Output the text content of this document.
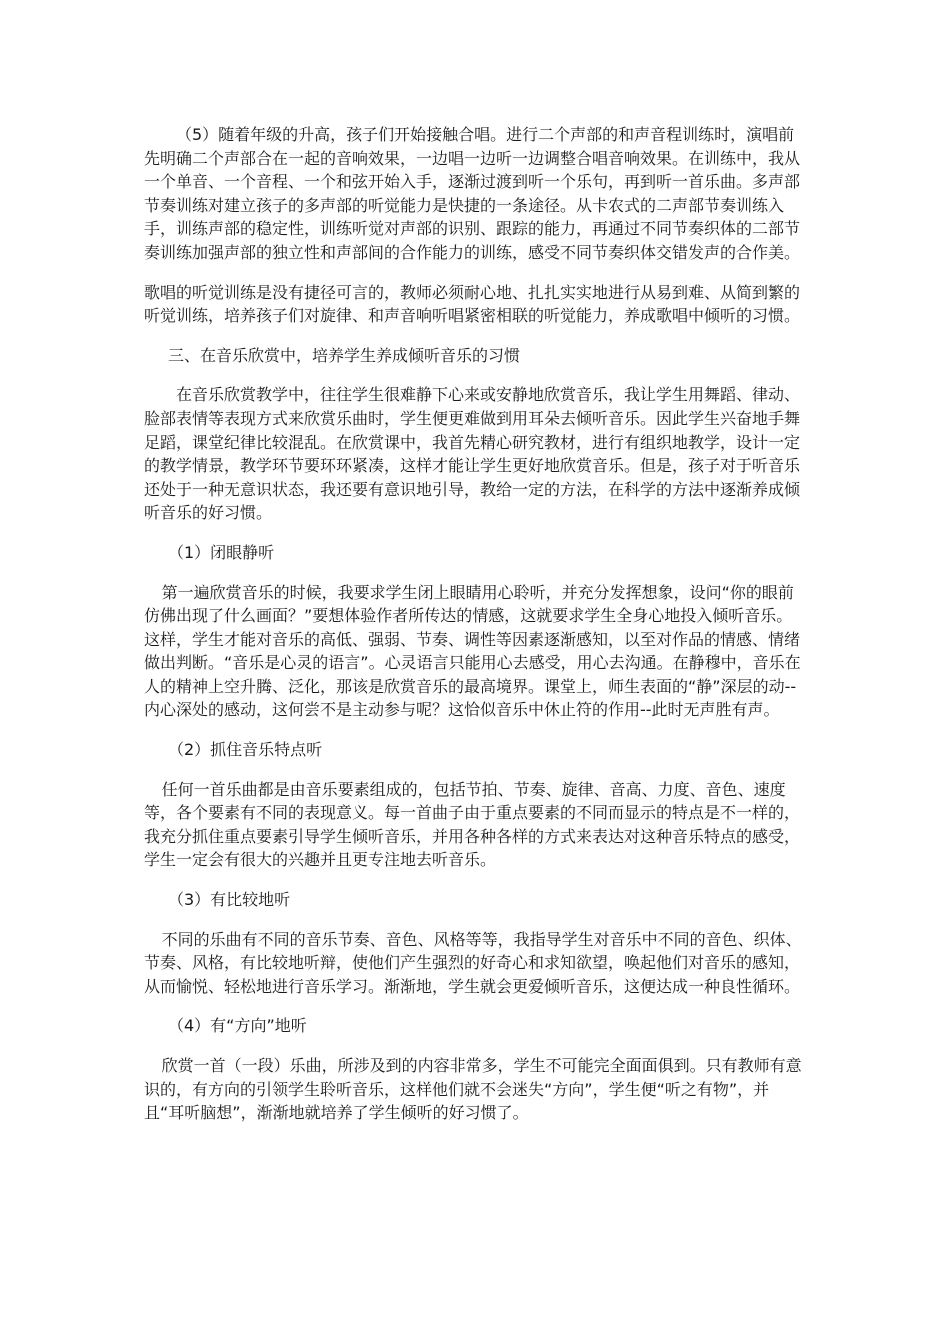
（5）随着年级的升高，孩子们开始接触合唱。进行二个声部的和声音程训练时，演唱前先明确二个声部合在一起的音响效果，一边唱一边听一边调整合唱音响效果。在训练中，我从一个单音、一个音程、一个和弦开始入手，逐渐过渡到听一个乐句，再到听一首乐曲。多声部节奏训练对建立孩子的多声部的听觉能力是快捷的一条途径。从卡农式的二声部节奏训练入手，训练声部的稳定性，训练听觉对声部的识别、跟踪的能力，再通过不同节奏织体的二部节奏训练加强声部的独立性和声部间的合作能力的训练，感受不同节奏织体交错发声的合作美。

歌唱的听觉训练是没有捷径可言的，教师必须耐心地、扎扎实实地进行从易到难、从简到繁的听觉训练，培养孩子们对旋律、和声音响听唱紧密相联的听觉能力，养成歌唱中倾听的习惯。

三、在音乐欣赏中，培养学生养成倾听音乐的习惯

在音乐欣赏教学中，往往学生很难静下心来或安静地欣赏音乐，我让学生用舞蹈、律动、脸部表情等表现方式来欣赏乐曲时，学生便更难做到用耳朵去倾听音乐。因此学生兴奋地手舞足蹈，课堂纪律比较混乱。在欣赏课中，我首先精心研究教材，进行有组织地教学，设计一定的教学情景，教学环节要环环紧凑，这样才能让学生更好地欣赏音乐。但是，孩子对于听音乐还处于一种无意识状态，我还要有意识地引导，教给一定的方法，在科学的方法中逐渐养成倾听音乐的好习惯。

（1）闭眼静听

第一遍欣赏音乐的时候，我要求学生闭上眼睛用心聆听，并充分发挥想象，设问“你的眼前仿佛出现了什么画面？”要想体验作者所传达的情感，这就要求学生全身心地投入倾听音乐。这样，学生才能对音乐的高低、强弱、节奏、调性等因素逐渐感知，以至对作品的情感、情绪做出判断。“音乐是心灵的语言”。心灵语言只能用心去感受，用心去沟通。在静穆中，音乐在人的精神上空升腾、泛化，那该是欣赏音乐的最高境界。课堂上，师生表面的“静”深层的动--内心深处的感动，这何尝不是主动参与呢？这恰似音乐中休止符的作用--此时无声胜有声。

（2）抓住音乐特点听

任何一首乐曲都是由音乐要素组成的，包括节拍、节奏、旋律、音高、力度、音色、速度等，各个要素有不同的表现意义。每一首曲子由于重点要素的不同而显示的特点是不一样的，我充分抓住重点要素引导学生倾听音乐，并用各种各样的方式来表达对这种音乐特点的感受，学生一定会有很大的兴趣并且更专注地去听音乐。

（3）有比较地听

不同的乐曲有不同的音乐节奏、音色、风格等等，我指导学生对音乐中不同的音色、织体、节奏、风格，有比较地听辩，使他们产生强烈的好奇心和求知欲望，唤起他们对音乐的感知，从而愉悦、轻松地进行音乐学习。渐渐地，学生就会更爱倾听音乐，这便达成一种良性循环。

（4）有“方向”地听

欣赏一首（一段）乐曲，所涉及到的内容非常多，学生不可能完全面面俱到。只有教师有意识的，有方向的引领学生聆听音乐，这样他们就不会迷失“方向”，学生便“听之有物”，并且“耳听脑想”，渐渐地就培养了学生倾听的好习惯了。
